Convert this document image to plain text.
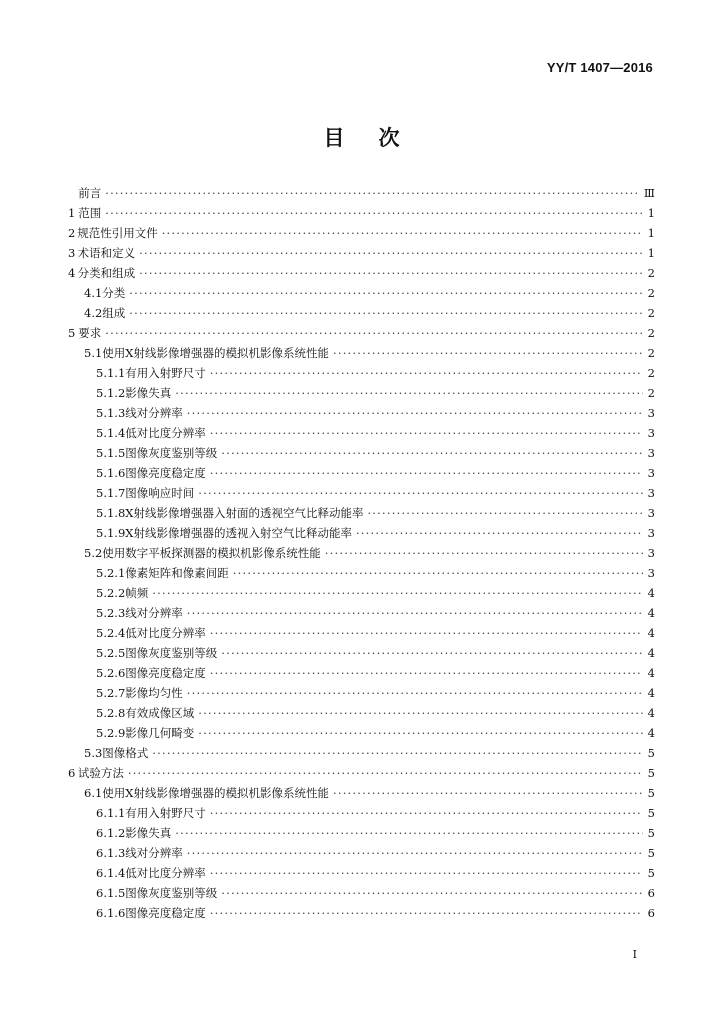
YY/T 1407—2016
目次
前言 ·····	Ⅲ
1 范围 ·····	1
2 规范性引用文件 ·····	1
3 术语和定义 ·····	1
4 分类和组成 ·····	2
4.1 分类 ·····	2
4.2 组成 ·····	2
5 要求 ·····	2
5.1 使用X射线影像增强器的模拟机影像系统性能 ·····	2
5.1.1 有用入射野尺寸 ·····	2
5.1.2 影像失真 ·····	2
5.1.3 线对分辨率 ·····	3
5.1.4 低对比度分辨率 ·····	3
5.1.5 图像灰度鉴别等级 ·····	3
5.1.6 图像亮度稳定度 ·····	3
5.1.7 图像响应时间 ·····	3
5.1.8 X射线影像增强器入射面的透视空气比释动能率 ·····	3
5.1.9 X射线影像增强器的透视入射空气比释动能率 ·····	3
5.2 使用数字平板探测器的模拟机影像系统性能 ·····	3
5.2.1 像素矩阵和像素间距 ·····	3
5.2.2 帧频 ·····	4
5.2.3 线对分辨率 ·····	4
5.2.4 低对比度分辨率 ·····	4
5.2.5 图像灰度鉴别等级 ·····	4
5.2.6 图像亮度稳定度 ·····	4
5.2.7 影像均匀性 ·····	4
5.2.8 有效成像区域 ·····	4
5.2.9 影像几何畸变 ·····	4
5.3 图像格式 ·····	5
6 试验方法 ·····	5
6.1 使用X射线影像增强器的模拟机影像系统性能 ·····	5
6.1.1 有用入射野尺寸 ·····	5
6.1.2 影像失真 ·····	5
6.1.3 线对分辨率 ·····	5
6.1.4 低对比度分辨率 ·····	5
6.1.5 图像灰度鉴别等级 ·····	6
6.1.6 图像亮度稳定度 ·····	6
Ⅰ
